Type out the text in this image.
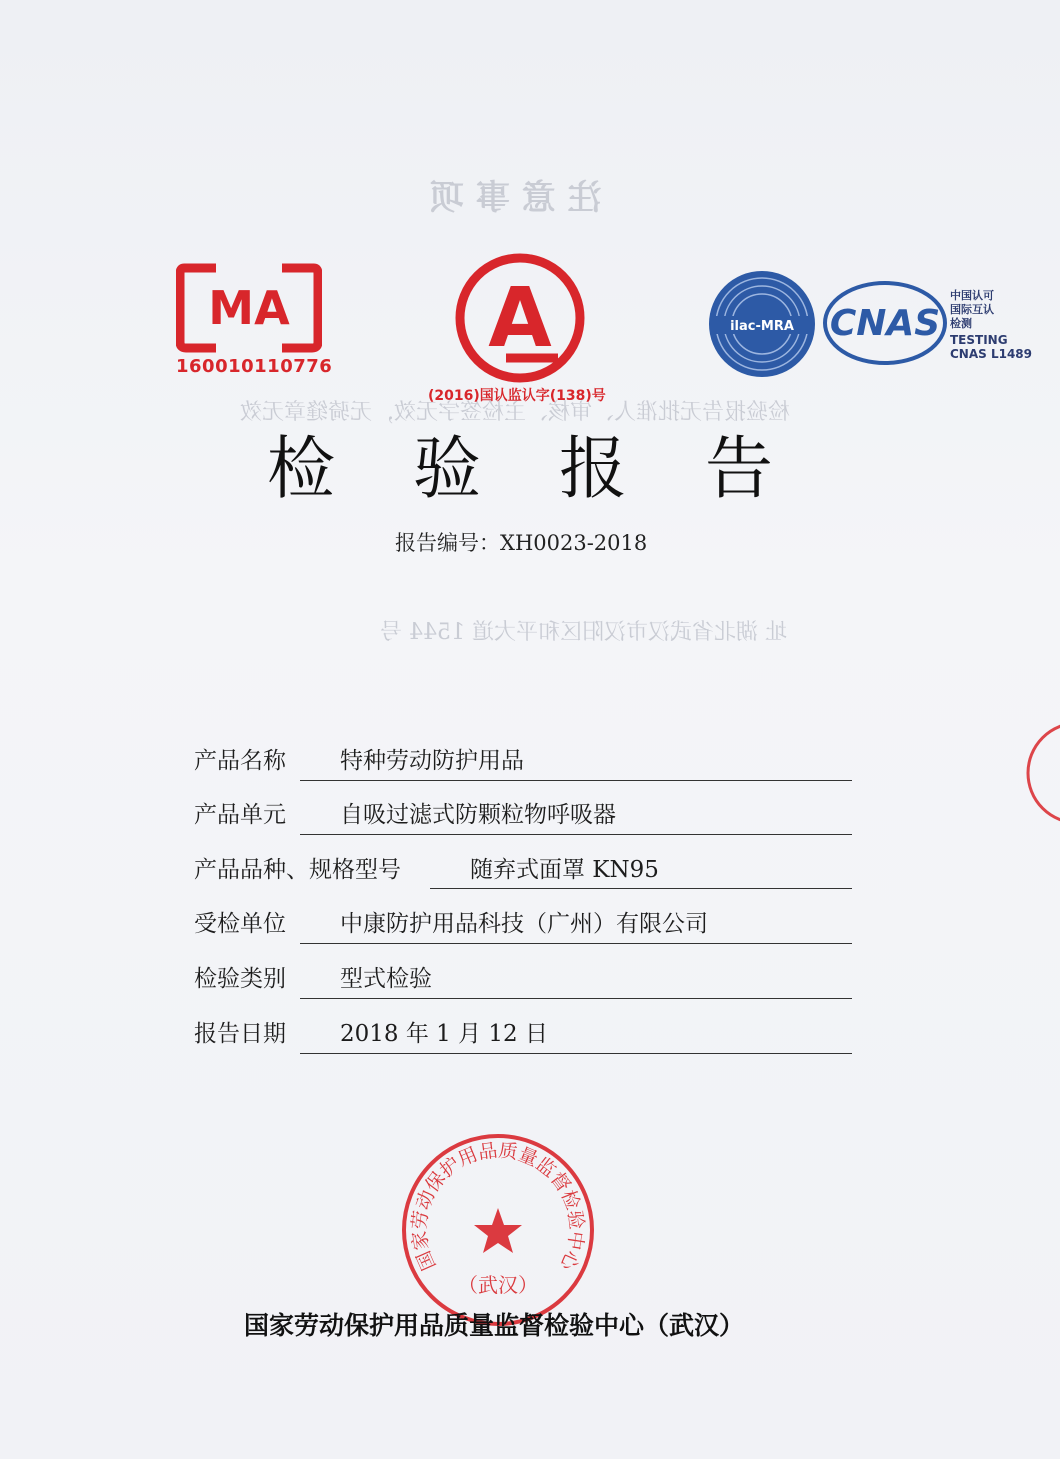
注 意 事 项
检验报告无批准人、审核、主检签字无效，无骑缝章无效
址 湖北省武汉市汉阳区和平大道 1544 号
MA
160010110776
A
(2016)国认监认字(138)号
ilac-MRA CNAS
中国认可
国际互认
检测
TESTING
CNAS L1489
检验报告
报告编号：XH0023-2018
产品名称 特种劳动防护用品
产品单元 自吸过滤式防颗粒物呼吸器
产品品种、规格型号	随弃式面罩 KN95
受检单位 中康防护用品科技（广州）有限公司
检验类别 型式检验
报告日期 2018 年 1 月 12 日
国家劳动保护用品质量监督检验中心
（武汉）
国家劳动保护用品质量监督检验中心（武汉）
